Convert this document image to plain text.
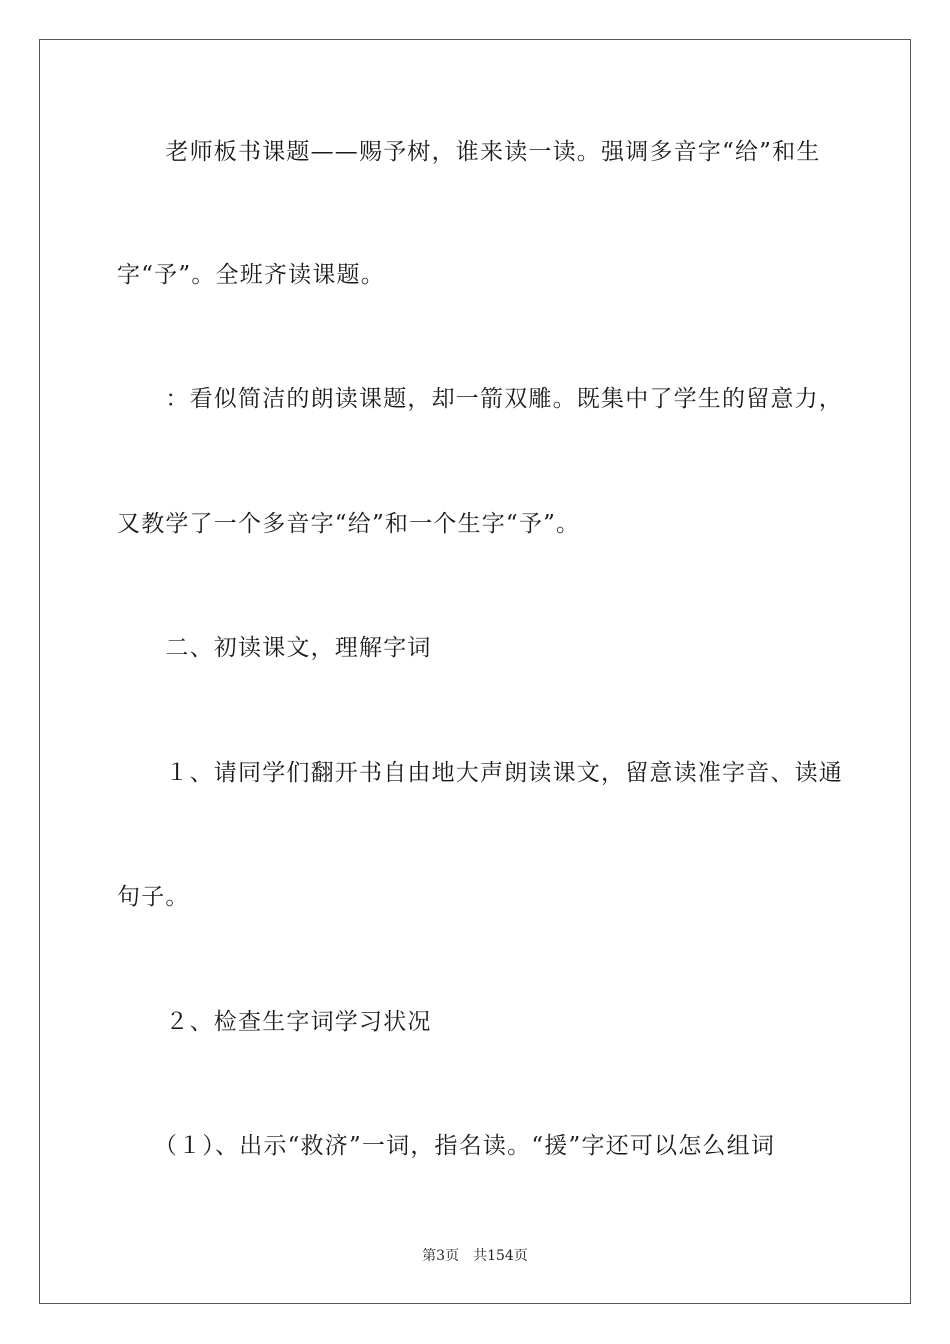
　　老师板书课题——赐予树，谁来读一读。强调多音字“给”和生
字“予”。全班齐读课题。
　　：看似简洁的朗读课题，却一箭双雕。既集中了学生的留意力，
又教学了一个多音字“给”和一个生字“予”。
　　二、初读课文，理解字词
　　１、请同学们翻开书自由地大声朗读课文，留意读准字音、读通
句子。
　　２、检查生字词学习状况
　　（１）、出示“救济”一词，指名读。“援”字还可以怎么组词
第3页 共154页
